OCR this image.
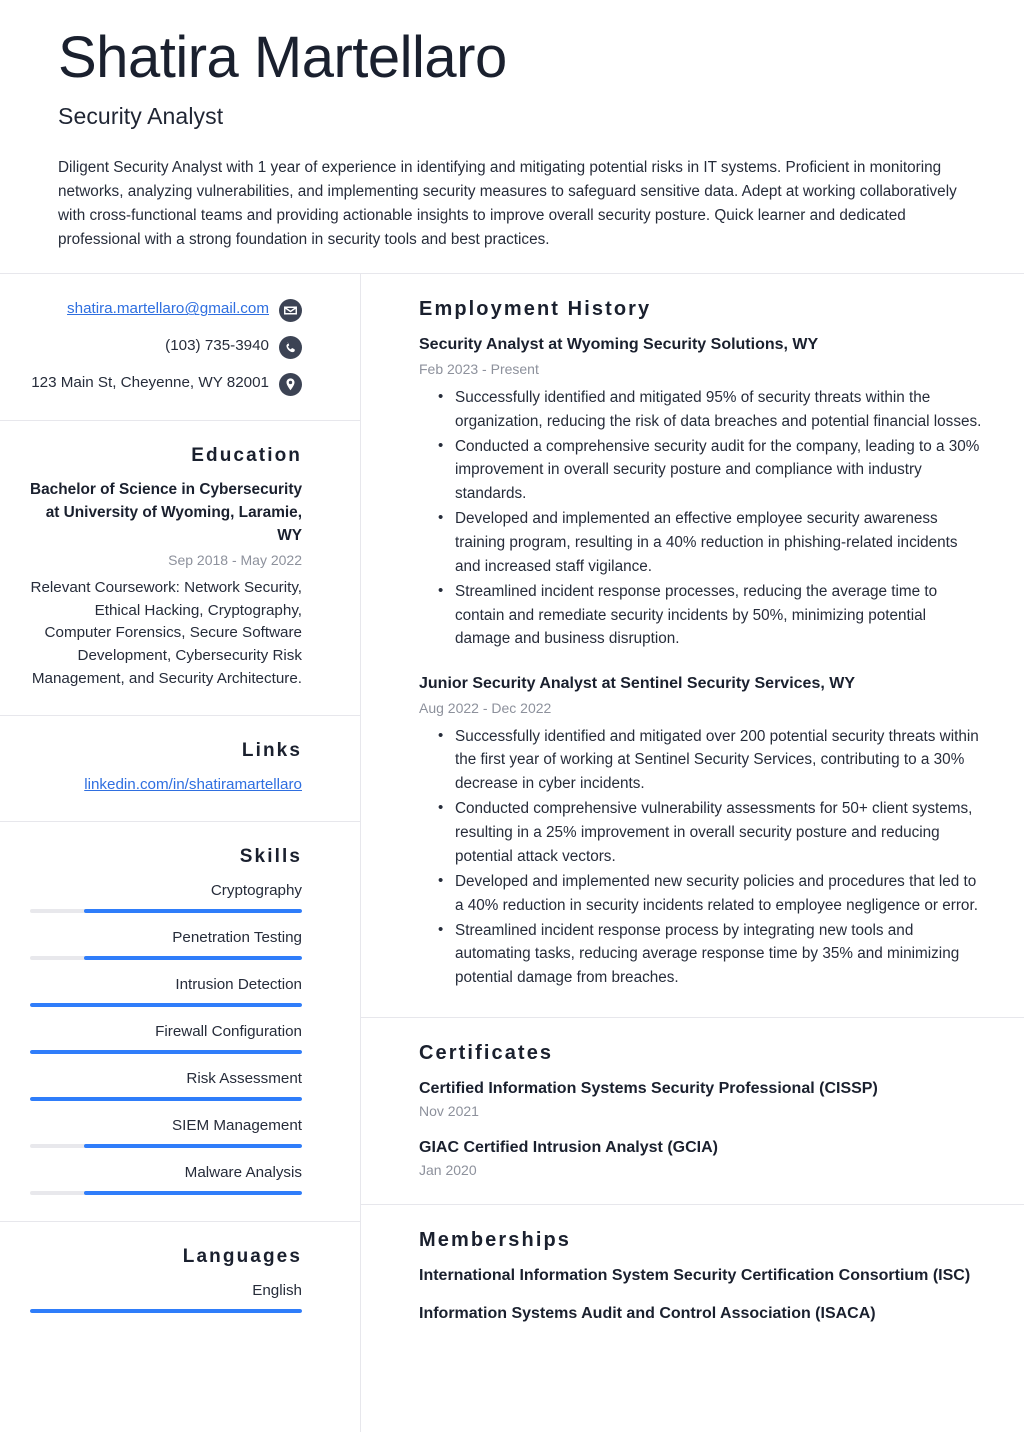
Shatira Martellaro
Security Analyst
Diligent Security Analyst with 1 year of experience in identifying and mitigating potential risks in IT systems. Proficient in monitoring networks, analyzing vulnerabilities, and implementing security measures to safeguard sensitive data. Adept at working collaboratively with cross-functional teams and providing actionable insights to improve overall security posture. Quick learner and dedicated professional with a strong foundation in security tools and best practices.
shatira.martellaro@gmail.com
(103) 735-3940
123 Main St, Cheyenne, WY 82001
Education
Bachelor of Science in Cybersecurity at University of Wyoming, Laramie, WY
Sep 2018 - May 2022
Relevant Coursework: Network Security, Ethical Hacking, Cryptography, Computer Forensics, Secure Software Development, Cybersecurity Risk Management, and Security Architecture.
Links
linkedin.com/in/shatiramartellaro
Skills
Cryptography
Penetration Testing
Intrusion Detection
Firewall Configuration
Risk Assessment
SIEM Management
Malware Analysis
Languages
English
Employment History
Security Analyst at Wyoming Security Solutions, WY
Feb 2023 - Present
• Successfully identified and mitigated 95% of security threats within the organization, reducing the risk of data breaches and potential financial losses.
• Conducted a comprehensive security audit for the company, leading to a 30% improvement in overall security posture and compliance with industry standards.
• Developed and implemented an effective employee security awareness training program, resulting in a 40% reduction in phishing-related incidents and increased staff vigilance.
• Streamlined incident response processes, reducing the average time to contain and remediate security incidents by 50%, minimizing potential damage and business disruption.
Junior Security Analyst at Sentinel Security Services, WY
Aug 2022 - Dec 2022
• Successfully identified and mitigated over 200 potential security threats within the first year of working at Sentinel Security Services, contributing to a 30% decrease in cyber incidents.
• Conducted comprehensive vulnerability assessments for 50+ client systems, resulting in a 25% improvement in overall security posture and reducing potential attack vectors.
• Developed and implemented new security policies and procedures that led to a 40% reduction in security incidents related to employee negligence or error.
• Streamlined incident response process by integrating new tools and automating tasks, reducing average response time by 35% and minimizing potential damage from breaches.
Certificates
Certified Information Systems Security Professional (CISSP)
Nov 2021
GIAC Certified Intrusion Analyst (GCIA)
Jan 2020
Memberships
International Information System Security Certification Consortium (ISC)
Information Systems Audit and Control Association (ISACA)
